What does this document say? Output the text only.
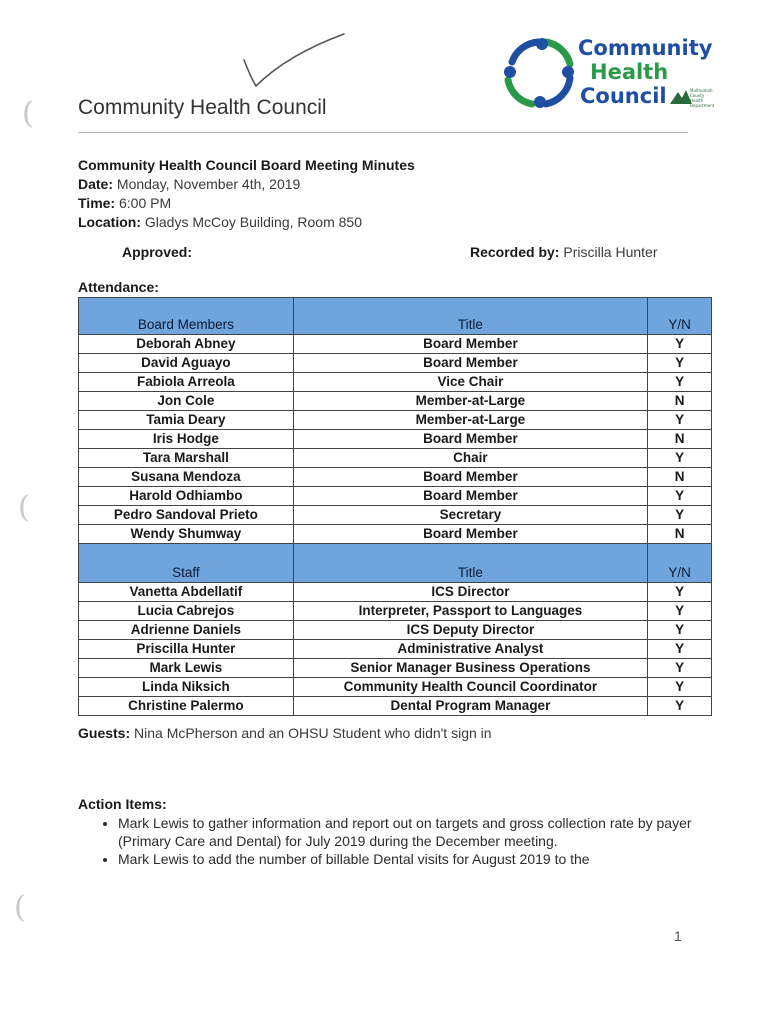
(
(
(
Community Health Council
Community
Health
Council	Multnomah County Health Department
Community Health Council Board Meeting Minutes
Date: Monday, November 4th, 2019
Time: 6:00 PM
Location: Gladys McCoy Building, Room 850
Approved:	Recorded by: Priscilla Hunter
Attendance:
Board Members	Title	Y/N
Deborah Abney	Board Member	Y
David Aguayo	Board Member	Y
Fabiola Arreola	Vice Chair	Y
Jon Cole	Member-at-Large	N
Tamia Deary	Member-at-Large	Y
Iris Hodge	Board Member	N
Tara Marshall	Chair	Y
Susana Mendoza	Board Member	N
Harold Odhiambo	Board Member	Y
Pedro Sandoval Prieto	Secretary	Y
Wendy Shumway	Board Member	N
Staff	Title	Y/N
Vanetta Abdellatif	ICS Director	Y
Lucia Cabrejos	Interpreter, Passport to Languages	Y
Adrienne Daniels	ICS Deputy Director	Y
Priscilla Hunter	Administrative Analyst	Y
Mark Lewis	Senior Manager Business Operations	Y
Linda Niksich	Community Health Council Coordinator	Y
Christine Palermo	Dental Program Manager	Y
Guests: Nina McPherson and an OHSU Student who didn't sign in
Action Items:
• Mark Lewis to gather information and report out on targets and gross collection rate by payer (Primary Care and Dental) for July 2019 during the December meeting.
• Mark Lewis to add the number of billable Dental visits for August 2019 to the
1
